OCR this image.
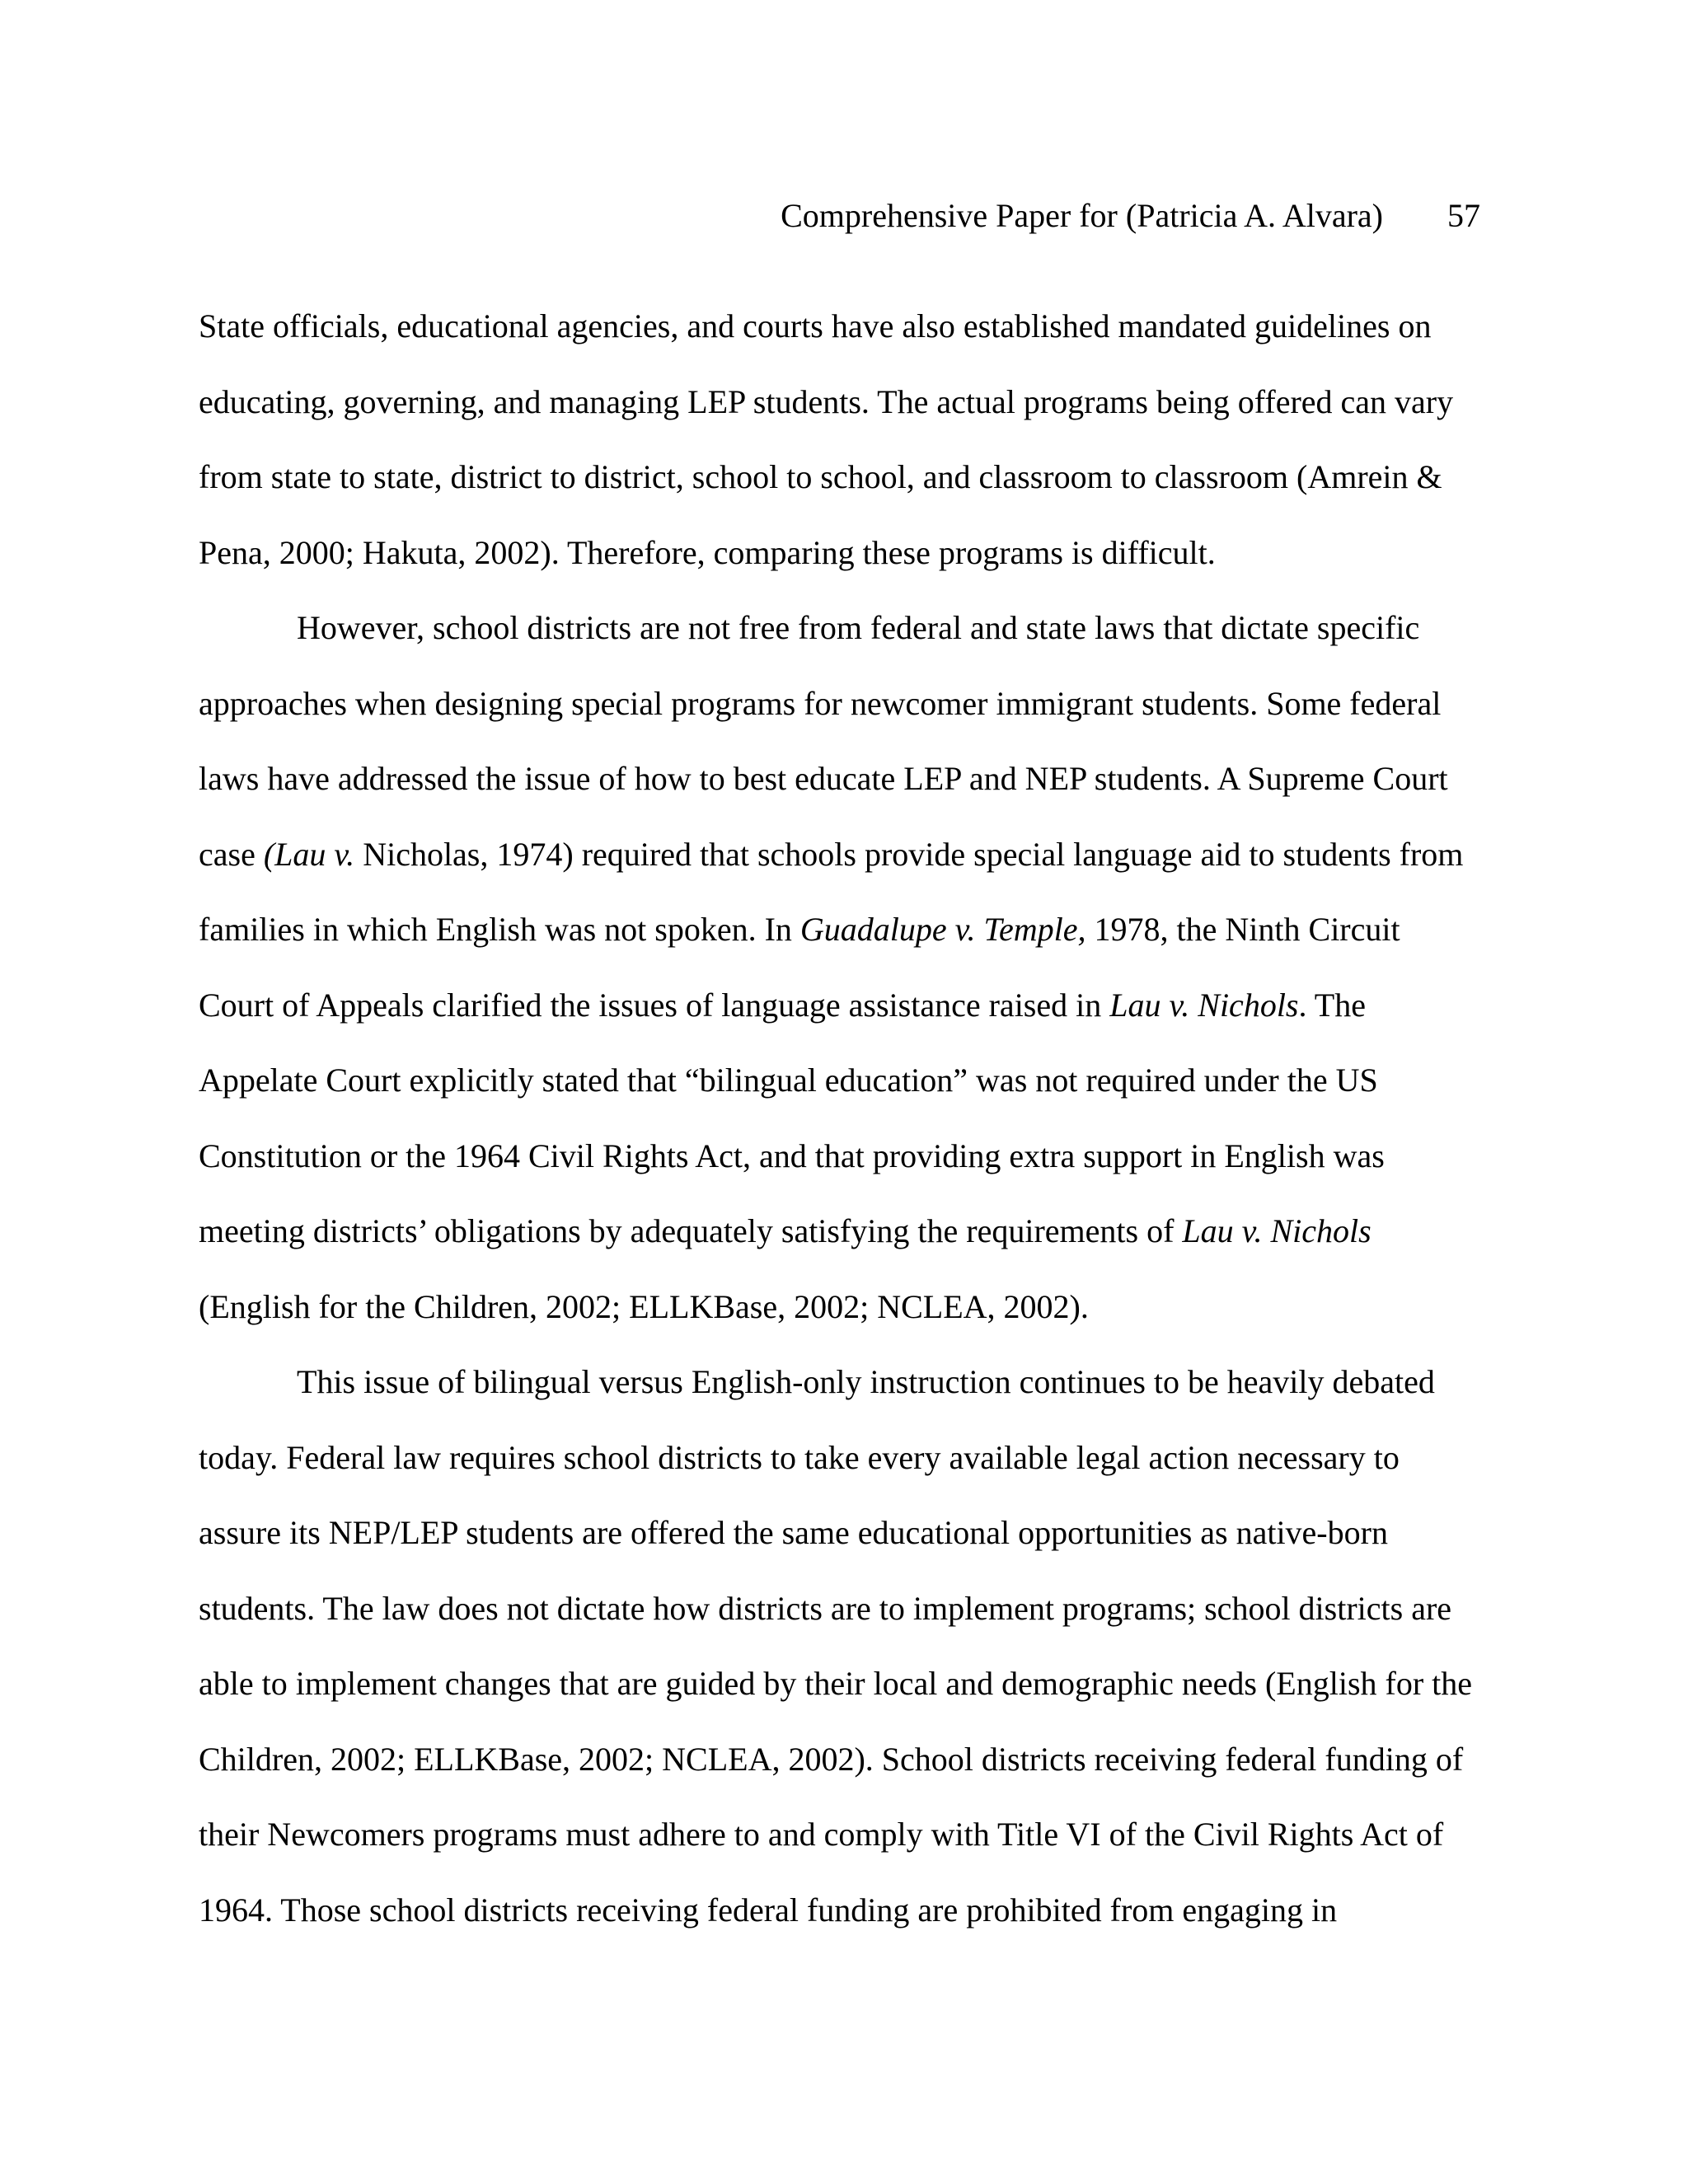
Comprehensive Paper for (Patricia A. Alvara) 57
State officials, educational agencies, and courts have also established mandated guidelines on
educating, governing, and managing LEP students. The actual programs being offered can vary
from state to state, district to district, school to school, and classroom to classroom (Amrein &
Pena, 2000; Hakuta, 2002). Therefore, comparing these programs is difficult.
However, school districts are not free from federal and state laws that dictate specific
approaches when designing special programs for newcomer immigrant students. Some federal
laws have addressed the issue of how to best educate LEP and NEP students. A Supreme Court
case (Lau v. Nicholas, 1974) required that schools provide special language aid to students from
families in which English was not spoken. In Guadalupe v. Temple, 1978, the Ninth Circuit
Court of Appeals clarified the issues of language assistance raised in Lau v. Nichols. The
Appelate Court explicitly stated that “bilingual education” was not required under the US
Constitution or the 1964 Civil Rights Act, and that providing extra support in English was
meeting districts’ obligations by adequately satisfying the requirements of Lau v. Nichols
(English for the Children, 2002; ELLKBase, 2002; NCLEA, 2002).
This issue of bilingual versus English-only instruction continues to be heavily debated
today. Federal law requires school districts to take every available legal action necessary to
assure its NEP/LEP students are offered the same educational opportunities as native-born
students. The law does not dictate how districts are to implement programs; school districts are
able to implement changes that are guided by their local and demographic needs (English for the
Children, 2002; ELLKBase, 2002; NCLEA, 2002). School districts receiving federal funding of
their Newcomers programs must adhere to and comply with Title VI of the Civil Rights Act of
1964. Those school districts receiving federal funding are prohibited from engaging in
